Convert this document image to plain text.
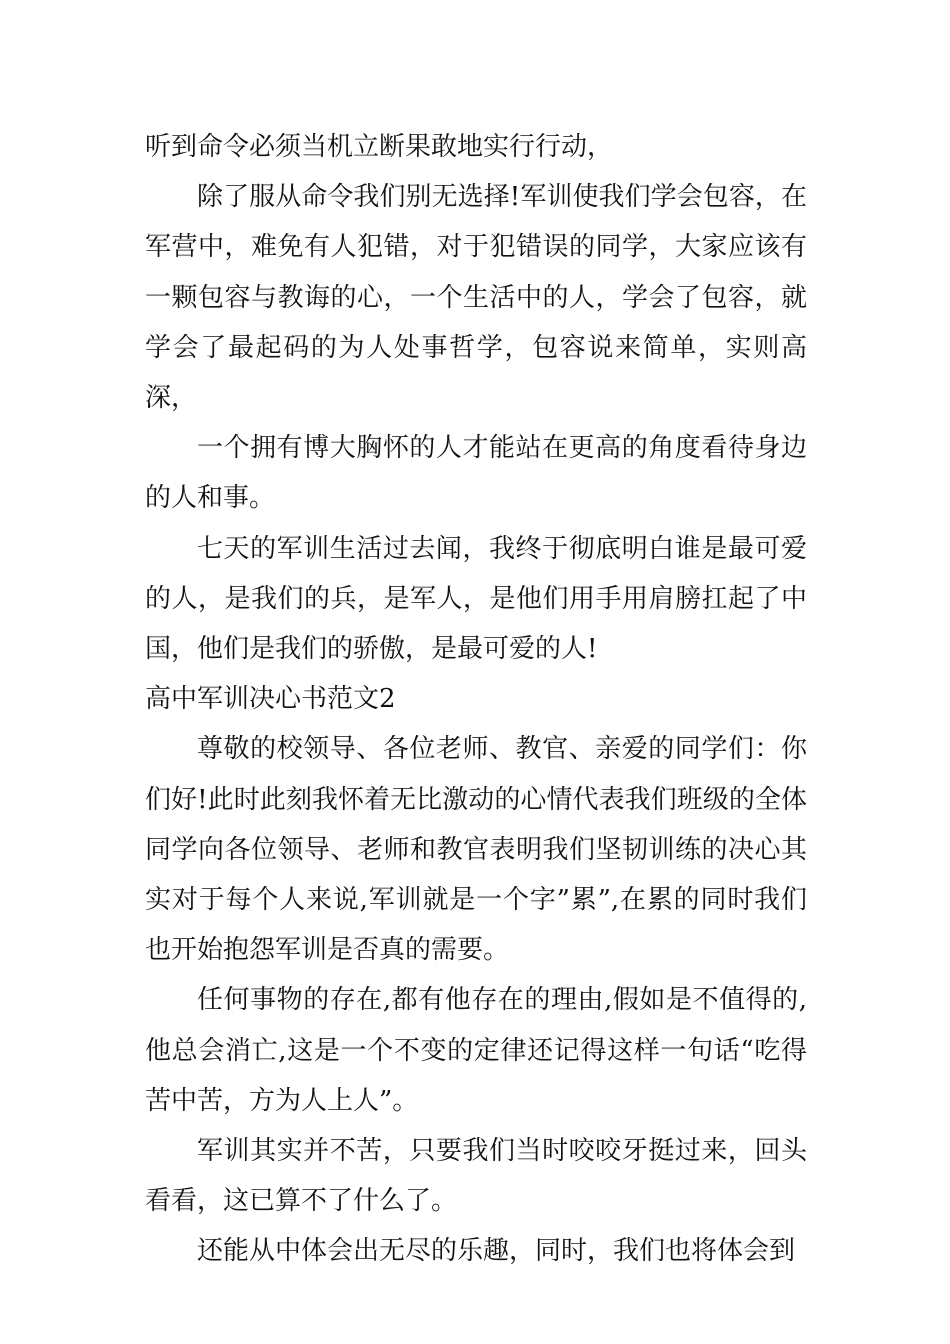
听到命令必须当机立断果敢地实行行动，

除了服从命令我们别无选择!军训使我们学会包容，在军营中，难免有人犯错，对于犯错误的同学，大家应该有一颗包容与教诲的心，一个生活中的人，学会了包容，就学会了最起码的为人处事哲学，包容说来简单，实则高深，

一个拥有博大胸怀的人才能站在更高的角度看待身边的人和事。

七天的军训生活过去闻，我终于彻底明白谁是最可爱的人，是我们的兵，是军人，是他们用手用肩膀扛起了中国，他们是我们的骄傲，是最可爱的人!

高中军训决心书范文2

尊敬的校领导、各位老师、教官、亲爱的同学们：你们好!此时此刻我怀着无比激动的心情代表我们班级的全体同学向各位领导、老师和教官表明我们坚韧训练的决心其实对于每个人来说,军训就是一个字”累”,在累的同时我们也开始抱怨军训是否真的需要。

任何事物的存在,都有他存在的理由,假如是不值得的,他总会消亡,这是一个不变的定律还记得这样一句话“吃得苦中苦，方为人上人”。

军训其实并不苦，只要我们当时咬咬牙挺过来，回头看看，这已算不了什么了。

还能从中体会出无尽的乐趣，同时，我们也将体会到
